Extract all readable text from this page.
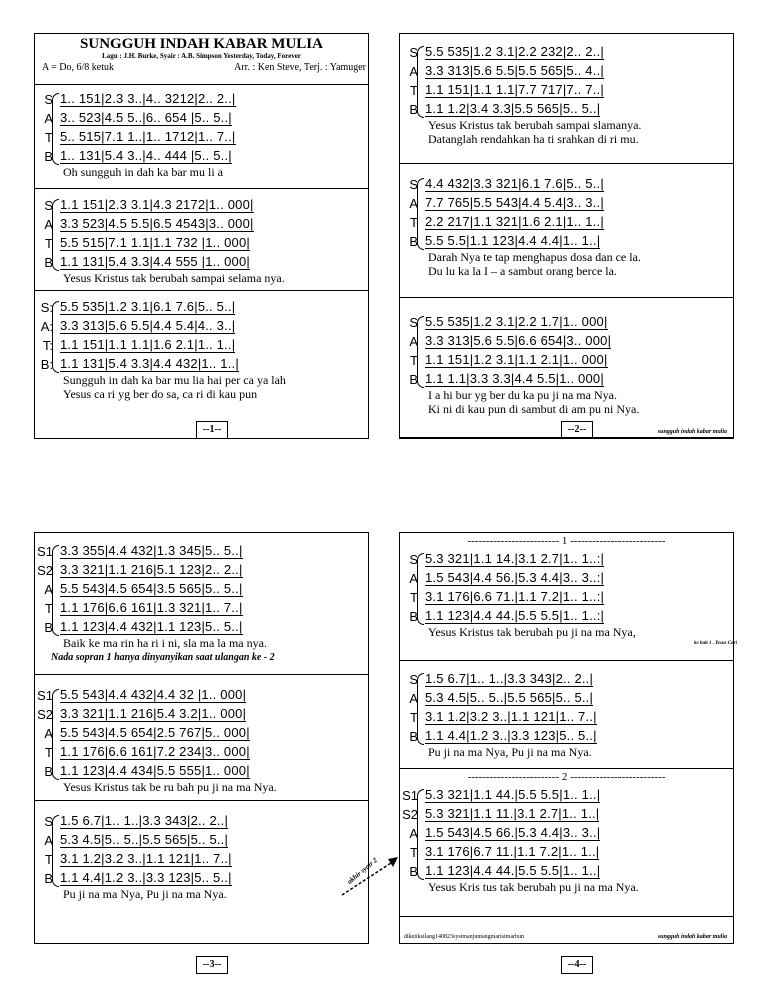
SUNGGUH INDAH KABAR MULIA
Lagu : J.H. Burke, Syair : A.B. Simpson Yesterday, Today, Forever
A = Do, 6/8 ketuk	Arr. : Ken Steve, Terj. : Yamuger
S 1.. 151|2.3 3..|4.. 3212|2.. 2..|
A 3.. 523|4.5 5..|6.. 654 |5.. 5..|
T 5.. 515|7.1 1..|1.. 1712|1.. 7..|
B 1.. 131|5.4 3..|4.. 444 |5.. 5..|
Oh sungguh in dah ka bar mu li a
S 1.1 151|2.3 3.1|4.3 2172|1.. 000|
A 3.3 523|4.5 5.5|6.5 4543|3.. 000|
T 5.5 515|7.1 1.1|1.1 732 |1.. 000|
B 1.1 131|5.4 3.3|4.4 555 |1.. 000|
Yesus Kristus tak berubah sampai selama nya.
S: 5.5 535|1.2 3.1|6.1 7.6|5.. 5..|
A: 3.3 313|5.6 5.5|4.4 5.4|4.. 3..|
T: 1.1 151|1.1 1.1|1.6 2.1|1.. 1..|
B: 1.1 131|5.4 3.3|4.4 432|1.. 1..|
Sungguh in dah ka bar mu lia hai per ca ya lah
Yesus ca ri yg ber do sa, ca ri di kau pun
S 5.5 535|1.2 3.1|2.2 232|2.. 2..|
A 3.3 313|5.6 5.5|5.5 565|5.. 4..|
T 1.1 151|1.1 1.1|7.7 717|7.. 7..|
B 1.1 1.2|3.4 3.3|5.5 565|5.. 5..|
Yesus Kristus tak berubah sampai slamanya.
Datanglah rendahkan ha ti srahkan di ri mu.
S 4.4 432|3.3 321|6.1 7.6|5.. 5..|
A 7.7 765|5.5 543|4.4 5.4|3.. 3..|
T 2.2 217|1.1 321|1.6 2.1|1.. 1..|
B 5.5 5.5|1.1 123|4.4 4.4|1.. 1..|
Darah Nya te tap menghapus dosa dan ce la.
Du lu ka la I – a sambut orang berce la.
S 5.5 535|1.2 3.1|2.2 1.7|1.. 000|
A 3.3 313|5.6 5.5|6.6 654|3.. 000|
T 1.1 151|1.2 3.1|1.1 2.1|1.. 000|
B 1.1 1.1|3.3 3.3|4.4 5.5|1.. 000|
I a hi bur yg ber du ka pu ji na ma Nya.
Ki ni di kau pun di sambut di am pu ni Nya.
sungguh indah kabar mulia
S1 3.3 355|4.4 432|1.3 345|5.. 5..|
S2 3.3 321|1.1 216|5.1 123|2.. 2..|
A 5.5 543|4.5 654|3.5 565|5.. 5..|
T 1.1 176|6.6 161|1.3 321|1.. 7..|
B 1.1 123|4.4 432|1.1 123|5.. 5..|
Baik ke ma rin ha ri i ni, sla ma la ma nya.
Nada sopran 1 hanya dinyanyikan saat ulangan ke - 2
S1 5.5 543|4.4 432|4.4 32 |1.. 000|
S2 3.3 321|1.1 216|5.4 3.2|1.. 000|
A 5.5 543|4.5 654|2.5 767|5.. 000|
T 1.1 176|6.6 161|7.2 234|3.. 000|
B 1.1 123|4.4 434|5.5 555|1.. 000|
Yesus Kristus tak be ru bah pu ji na ma Nya.
S 1.5 6.7|1.. 1..|3.3 343|2.. 2..|
A 5.3 4.5|5.. 5..|5.5 565|5.. 5..|
T 3.1 1.2|3.2 3..|1.1 121|1.. 7..|
B 1.1 4.4|1.2 3..|3.3 123|5.. 5..|
Pu ji na ma Nya, Pu ji na ma Nya.
------------------------- 1 --------------------------
S 5.3 321|1.1 14.|3.1 2.7|1.. 1..:|
A 1.5 543|4.4 56.|5.3 4.4|3.. 3..:|
T 3.1 176|6.6 71.|1.1 7.2|1.. 1..:|
B 1.1 123|4.4 44.|5.5 5.5|1.. 1..:|
Yesus Kristus tak berubah pu ji na ma Nya,
S 1.5 6.7|1.. 1..|3.3 343|2.. 2..|
A 5.3 4.5|5.. 5..|5.5 565|5.. 5..|
T 3.1 1.2|3.2 3..|1.1 121|1.. 7..|
B 1.1 4.4|1.2 3..|3.3 123|5.. 5..|
Pu ji na ma Nya, Pu ji na ma Nya.
------------------------- 2 --------------------------
S1 5.3 321|1.1 44.|5.5 5.5|1.. 1..|
S2 5.3 321|1.1 11.|3.1 2.7|1.. 1..|
A 1.5 543|4.5 66.|5.3 4.4|3.. 3..|
T 3.1 176|6.7 11.|1.1 7.2|1.. 1..|
B 1.1 123|4.4 44.|5.5 5.5|1.. 1..|
Yesus Kris tus tak berubah pu ji na ma Nya.
ke bait 1 . Yesus Cari
diketiksilang140823sysimanjuntangmarisimarbun	sungguh indah kabar mulia
akhir syair 2
--1--	--2--
--3--	--4--
